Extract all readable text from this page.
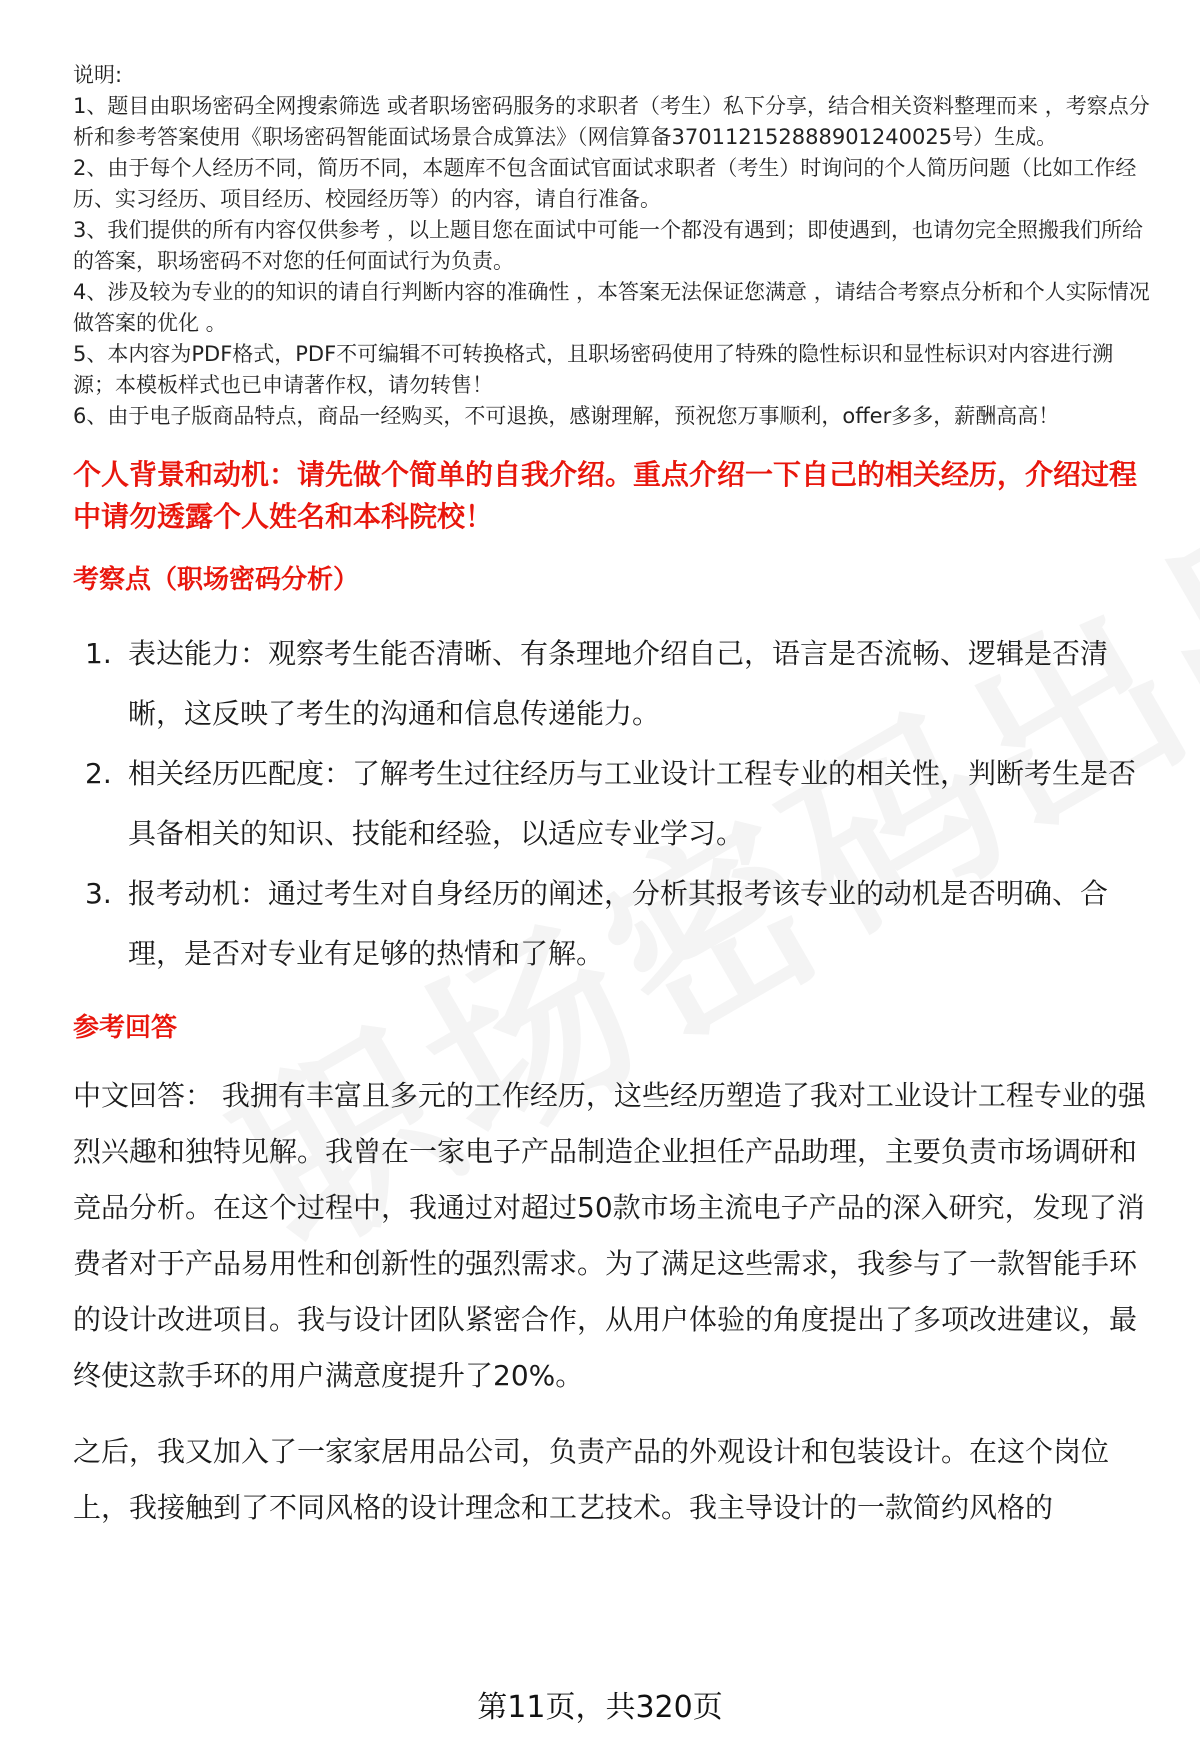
说明:

1、题目由职场密码全网搜索筛选 或者职场密码服务的求职者（考生）私下分享，结合相关资料整理而来 ，考察点分析和参考答案使用《职场密码智能面试场景合成算法》（网信算备370112152888901240025号）生成。

2、由于每个人经历不同，简历不同，本题库不包含面试官面试求职者（考生）时询问的个人简历问题（比如工作经历、实习经历、项目经历、校园经历等）的内容，请自行准备。

3、我们提供的所有内容仅供参考 ，以上题目您在面试中可能一个都没有遇到；即使遇到，也请勿完全照搬我们所给的答案，职场密码不对您的任何面试行为负责。

4、涉及较为专业的的知识的请自行判断内容的准确性 ，本答案无法保证您满意 ，请结合考察点分析和个人实际情况做答案的优化 。

5、本内容为PDF格式，PDF不可编辑不可转换格式，且职场密码使用了特殊的隐性标识和显性标识对内容进行溯源；本模板样式也已申请著作权，请勿转售！

6、由于电子版商品特点，商品一经购买，不可退换，感谢理解，预祝您万事顺利，offer多多，薪酬高高！

个人背景和动机：请先做个简单的自我介绍。重点介绍一下自己的相关经历，介绍过程中请勿透露个人姓名和本科院校！
考察点（职场密码分析）
1. 表达能力：观察考生能否清晰、有条理地介绍自己，语言是否流畅、逻辑是否清晰，这反映了考生的沟通和信息传递能力。
2. 相关经历匹配度：了解考生过往经历与工业设计工程专业的相关性，判断考生是否具备相关的知识、技能和经验，以适应专业学习。
3. 报考动机：通过考生对自身经历的阐述，分析其报考该专业的动机是否明确、合理，是否对专业有足够的热情和了解。
参考回答

中文回答： 我拥有丰富且多元的工作经历，这些经历塑造了我对工业设计工程专业的强烈兴趣和独特见解。我曾在一家电子产品制造企业担任产品助理，主要负责市场调研和竞品分析。在这个过程中，我通过对超过50款市场主流电子产品的深入研究，发现了消费者对于产品易用性和创新性的强烈需求。为了满足这些需求，我参与了一款智能手环的设计改进项目。我与设计团队紧密合作，从用户体验的角度提出了多项改进建议，最终使这款手环的用户满意度提升了20%。

之后，我又加入了一家家居用品公司，负责产品的外观设计和包装设计。在这个岗位上，我接触到了不同风格的设计理念和工艺技术。我主导设计的一款简约风格的

第11页，共320页
